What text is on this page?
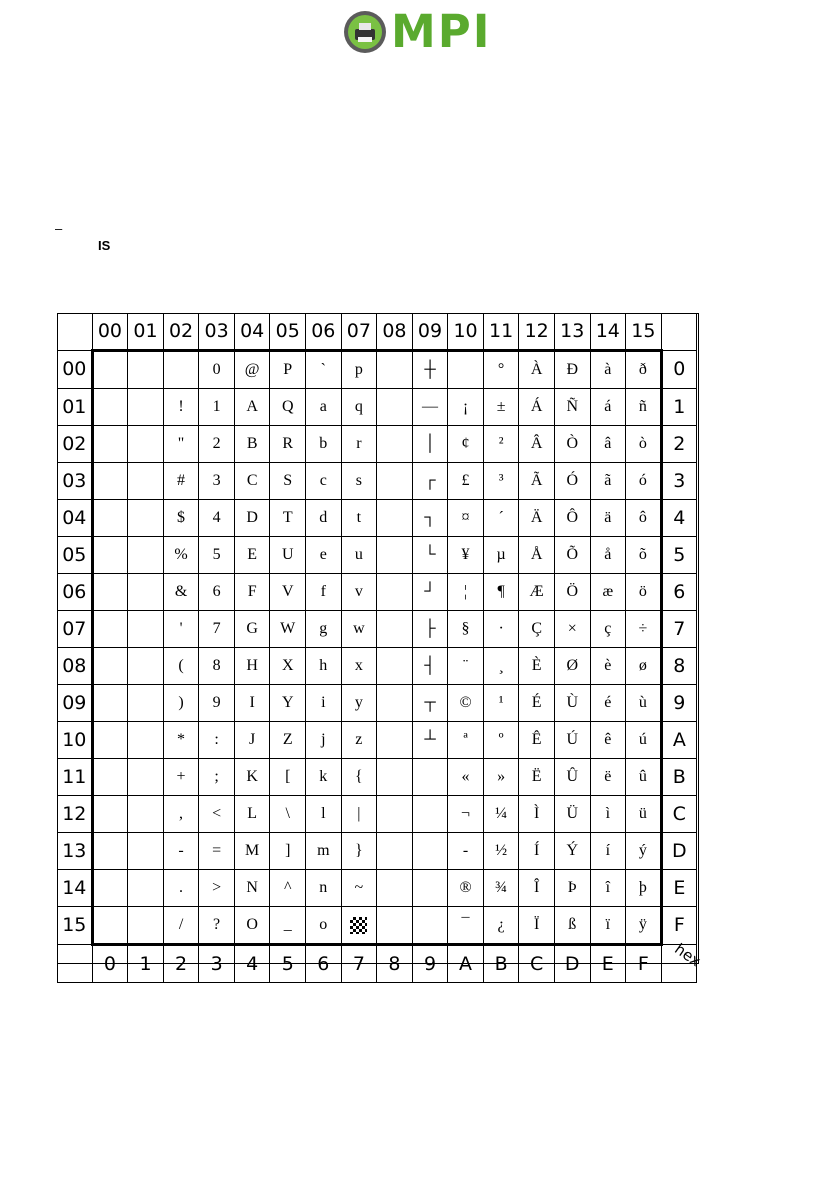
MPI
–
IS
	00	01	02	03	04	05	06	07	08	09	10	11	12	13	14	15	
00				0	@	P	`	p		┼		°	À	Đ	à	ð	0
01			!	1	A	Q	a	q		—	¡	±	Á	Ñ	á	ñ	1
02			"	2	B	R	b	r		│	¢	²	Â	Ò	â	ò	2
03			#	3	C	S	c	s		┌	£	³	Ã	Ó	ã	ó	3
04			$	4	D	T	d	t		┐	¤	´	Ä	Ô	ä	ô	4
05			%	5	E	U	e	u		└	¥	µ	Å	Õ	å	õ	5
06			&	6	F	V	f	v		┘	¦	¶	Æ	Ö	æ	ö	6
07			'	7	G	W	g	w		├	§	·	Ç	×	ç	÷	7
08			(	8	H	X	h	x		┤	¨	¸	È	Ø	è	ø	8
09			)	9	I	Y	i	y		┬	©	¹	É	Ù	é	ù	9
10			*	:	J	Z	j	z		┴	ª	º	Ê	Ú	ê	ú	A
11			+	;	K	[	k	{			«	»	Ë	Û	ë	û	B
12			,	<	L	\	l	|			¬	¼	Ì	Ü	ì	ü	C
13			-	=	M	]	m	}			-	½	Í	Ý	í	ý	D
14			.	>	N	^	n	~			®	¾	Î	Þ	î	þ	E
15			/	?	O	_	o				¯	¿	Ï	ß	ï	ÿ	F
	0	1	2	3	4	5	6	7	8	9	A	B	C	D	E	F	hex
